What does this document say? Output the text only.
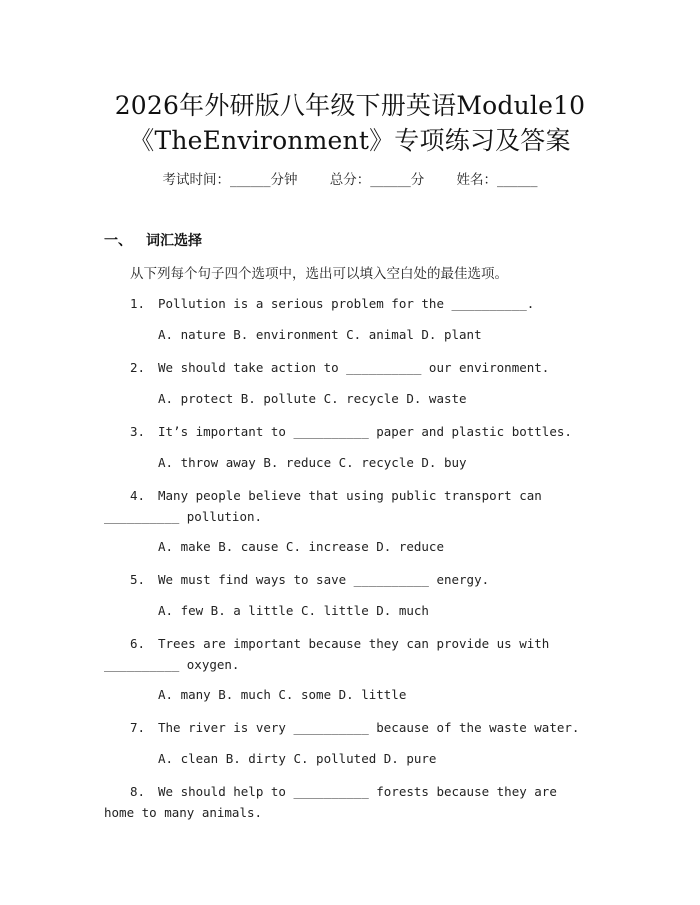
2026年外研版八年级下册英语Module10
《TheEnvironment》专项练习及答案
考试时间：______分钟 总分：______分 姓名：______
一、 词汇选择
从下列每个句子四个选项中，选出可以填入空白处的最佳选项。
1. Pollution is a serious problem for the __________.
A. nature B. environment C. animal D. plant
2. We should take action to __________ our environment.
A. protect B. pollute C. recycle D. waste
3. It’s important to __________ paper and plastic bottles.
A. throw away B. reduce C. recycle D. buy
4. Many people believe that using public transport can __________ pollution.
A. make B. cause C. increase D. reduce
5. We must find ways to save __________ energy.
A. few B. a little C. little D. much
6. Trees are important because they can provide us with __________ oxygen.
A. many B. much C. some D. little
7. The river is very __________ because of the waste water.
A. clean B. dirty C. polluted D. pure
8. We should help to __________ forests because they are home to many animals.
